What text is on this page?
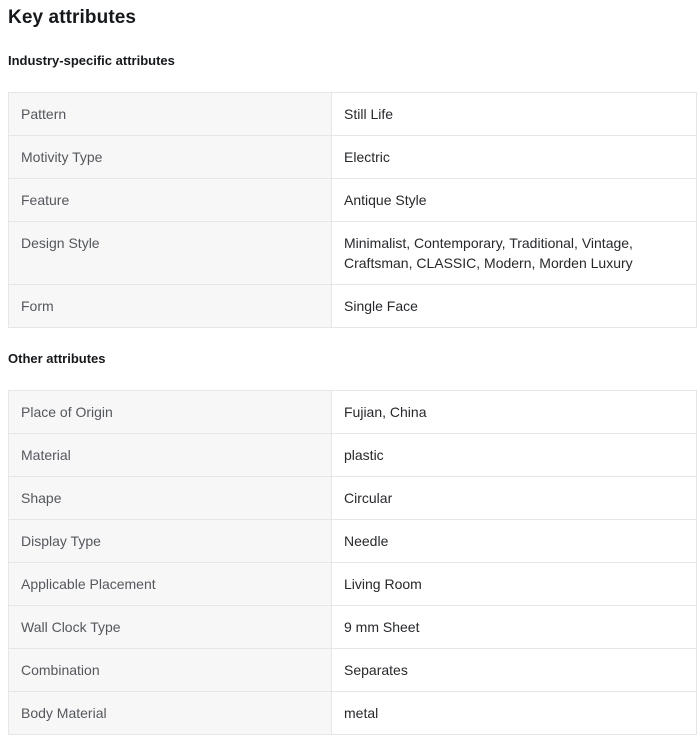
Key attributes
Industry-specific attributes
Pattern	Still Life
Motivity Type	Electric
Feature	Antique Style
Design Style	Minimalist, Contemporary, Traditional, Vintage, Craftsman, CLASSIC, Modern, Morden Luxury
Form	Single Face
Other attributes
Place of Origin	Fujian, China
Material	plastic
Shape	Circular
Display Type	Needle
Applicable Placement	Living Room
Wall Clock Type	9 mm Sheet
Combination	Separates
Body Material	metal
